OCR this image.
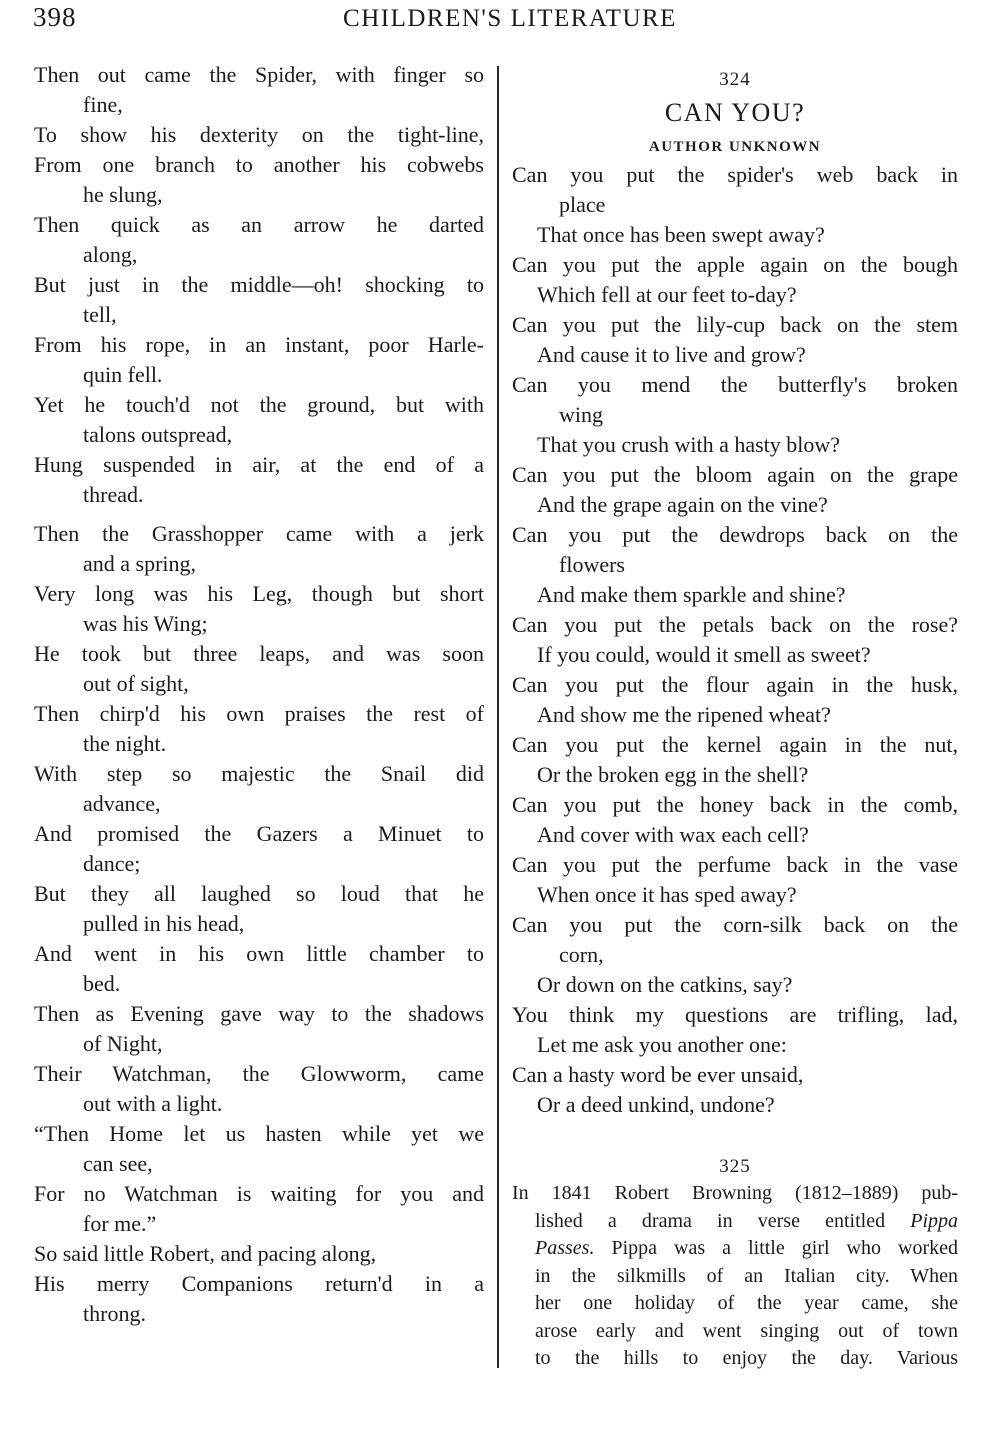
398	CHILDREN'S LITERATURE
Then out came the Spider, with finger so
fine,
To show his dexterity on the tight-line,
From one branch to another his cobwebs
he slung,
Then quick as an arrow he darted
along,
But just in the middle—oh! shocking to
tell,
From his rope, in an instant, poor Harle-
quin fell.
Yet he touch'd not the ground, but with
talons outspread,
Hung suspended in air, at the end of a
thread.
Then the Grasshopper came with a jerk
and a spring,
Very long was his Leg, though but short
was his Wing;
He took but three leaps, and was soon
out of sight,
Then chirp'd his own praises the rest of
the night.
With step so majestic the Snail did
advance,
And promised the Gazers a Minuet to
dance;
But they all laughed so loud that he
pulled in his head,
And went in his own little chamber to
bed.
Then as Evening gave way to the shadows
of Night,
Their Watchman, the Glowworm, came
out with a light.
“Then Home let us hasten while yet we
can see,
For no Watchman is waiting for you and
for me.”
So said little Robert, and pacing along,
His merry Companions return'd in a
throng.
324
CAN YOU?
AUTHOR UNKNOWN
Can you put the spider's web back in
place
That once has been swept away?
Can you put the apple again on the bough
Which fell at our feet to-day?
Can you put the lily-cup back on the stem
And cause it to live and grow?
Can you mend the butterfly's broken
wing
That you crush with a hasty blow?
Can you put the bloom again on the grape
And the grape again on the vine?
Can you put the dewdrops back on the
flowers
And make them sparkle and shine?
Can you put the petals back on the rose?
If you could, would it smell as sweet?
Can you put the flour again in the husk,
And show me the ripened wheat?
Can you put the kernel again in the nut,
Or the broken egg in the shell?
Can you put the honey back in the comb,
And cover with wax each cell?
Can you put the perfume back in the vase
When once it has sped away?
Can you put the corn-silk back on the
corn,
Or down on the catkins, say?
You think my questions are trifling, lad,
Let me ask you another one:
Can a hasty word be ever unsaid,
Or a deed unkind, undone?
325
In 1841 Robert Browning (1812–1889) pub-
lished a drama in verse entitled Pippa
Passes. Pippa was a little girl who worked
in the silkmills of an Italian city. When
her one holiday of the year came, she
arose early and went singing out of town
to the hills to enjoy the day. Various
